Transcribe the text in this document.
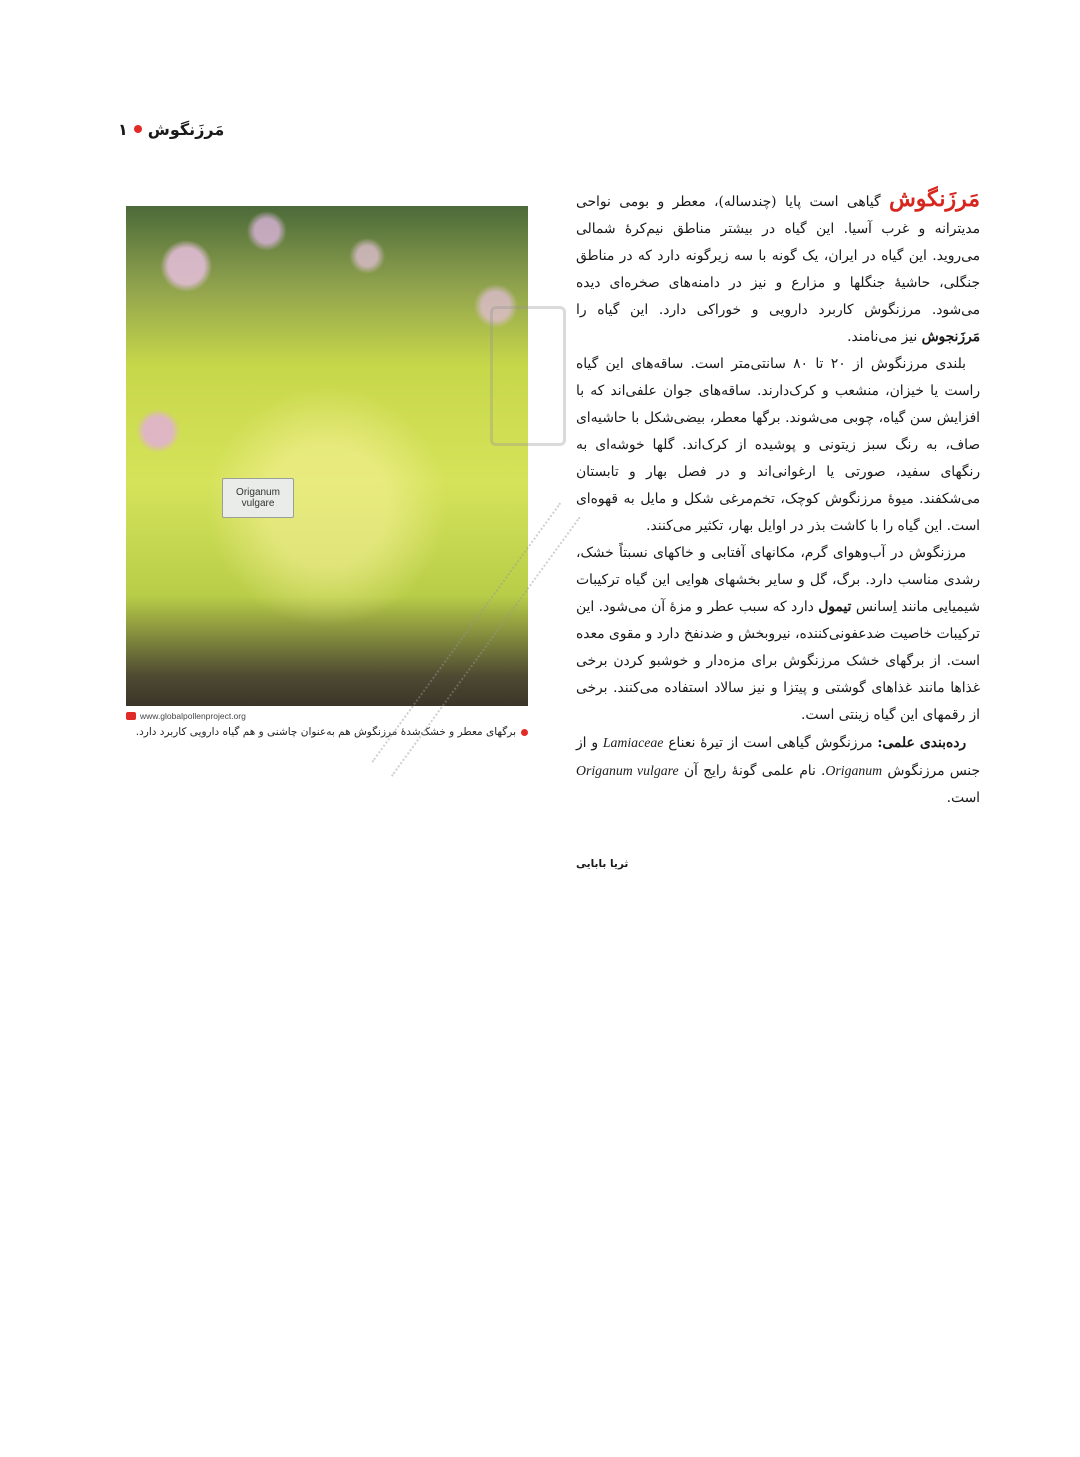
مَرزَنگوش
۱
Origanum
vulgare
www.globalpollenproject.org
برگهای معطر و خشک‌شدهٔ مرزنگوش هم به‌عنوان چاشنی و هم گیاه دارویی کاربرد دارد.

مَرزَنگوش گیاهی است پایا (چندساله)، معطر و بومی نواحی مدیترانه و غرب آسیا. این گیاه در بیشتر مناطق نیم‌کرهٔ شمالی می‌روید. این گیاه در ایران، یک گونه با سه زیرگونه دارد که در مناطق جنگلی، حاشیهٔ جنگلها و مزارع و نیز در دامنه‌های صخره‌ای دیده می‌شود. مرزنگوش کاربرد دارویی و خوراکی دارد. این گیاه را مَرزَنجوش نیز می‌نامند.

بلندی مرزنگوش از ۲۰ تا ۸۰ سانتی‌متر است. ساقه‌های این گیاه راست یا خیزان، منشعب و کرک‌دارند. ساقه‌های جوان علفی‌اند که با افزایش سن گیاه، چوبی می‌شوند. برگها معطر، بیضی‌شکل با حاشیه‌ای صاف، به رنگ سبز زیتونی و پوشیده از کرک‌اند. گلها خوشه‌ای به رنگهای سفید، صورتی یا ارغوانی‌اند و در فصل بهار و تابستان می‌شکفند. میوهٔ مرزنگوش کوچک، تخم‌مرغی شکل و مایل به قهوه‌ای است. این گیاه را با کاشت بذر در اوایل بهار، تکثیر می‌کنند.

مرزنگوش در آب‌وهوای گرم، مکانهای آفتابی و خاکهای نسبتاً خشک، رشدی مناسب دارد. برگ، گل و سایر بخشهای هوایی این گیاه ترکیبات شیمیایی مانند اِسانس تیمول دارد که سبب عطر و مزهٔ آن می‌شود. این ترکیبات خاصیت ضدعفونی‌کننده، نیروبخش و ضدنفخ دارد و مقوی معده است. از برگهای خشک مرزنگوش برای مزه‌دار و خوشبو کردن برخی غذاها مانند غذاهای گوشتی و پیتزا و نیز سالاد استفاده می‌کنند. برخی از رقمهای این گیاه زینتی است.

رده‌بندی علمی: مرزنگوش گیاهی است از تیرهٔ نعناع Lamiaceae و از جنس مرزنگوش Origanum. نام علمی گونهٔ رایج آن Origanum vulgare است.

ثریا بابایی
